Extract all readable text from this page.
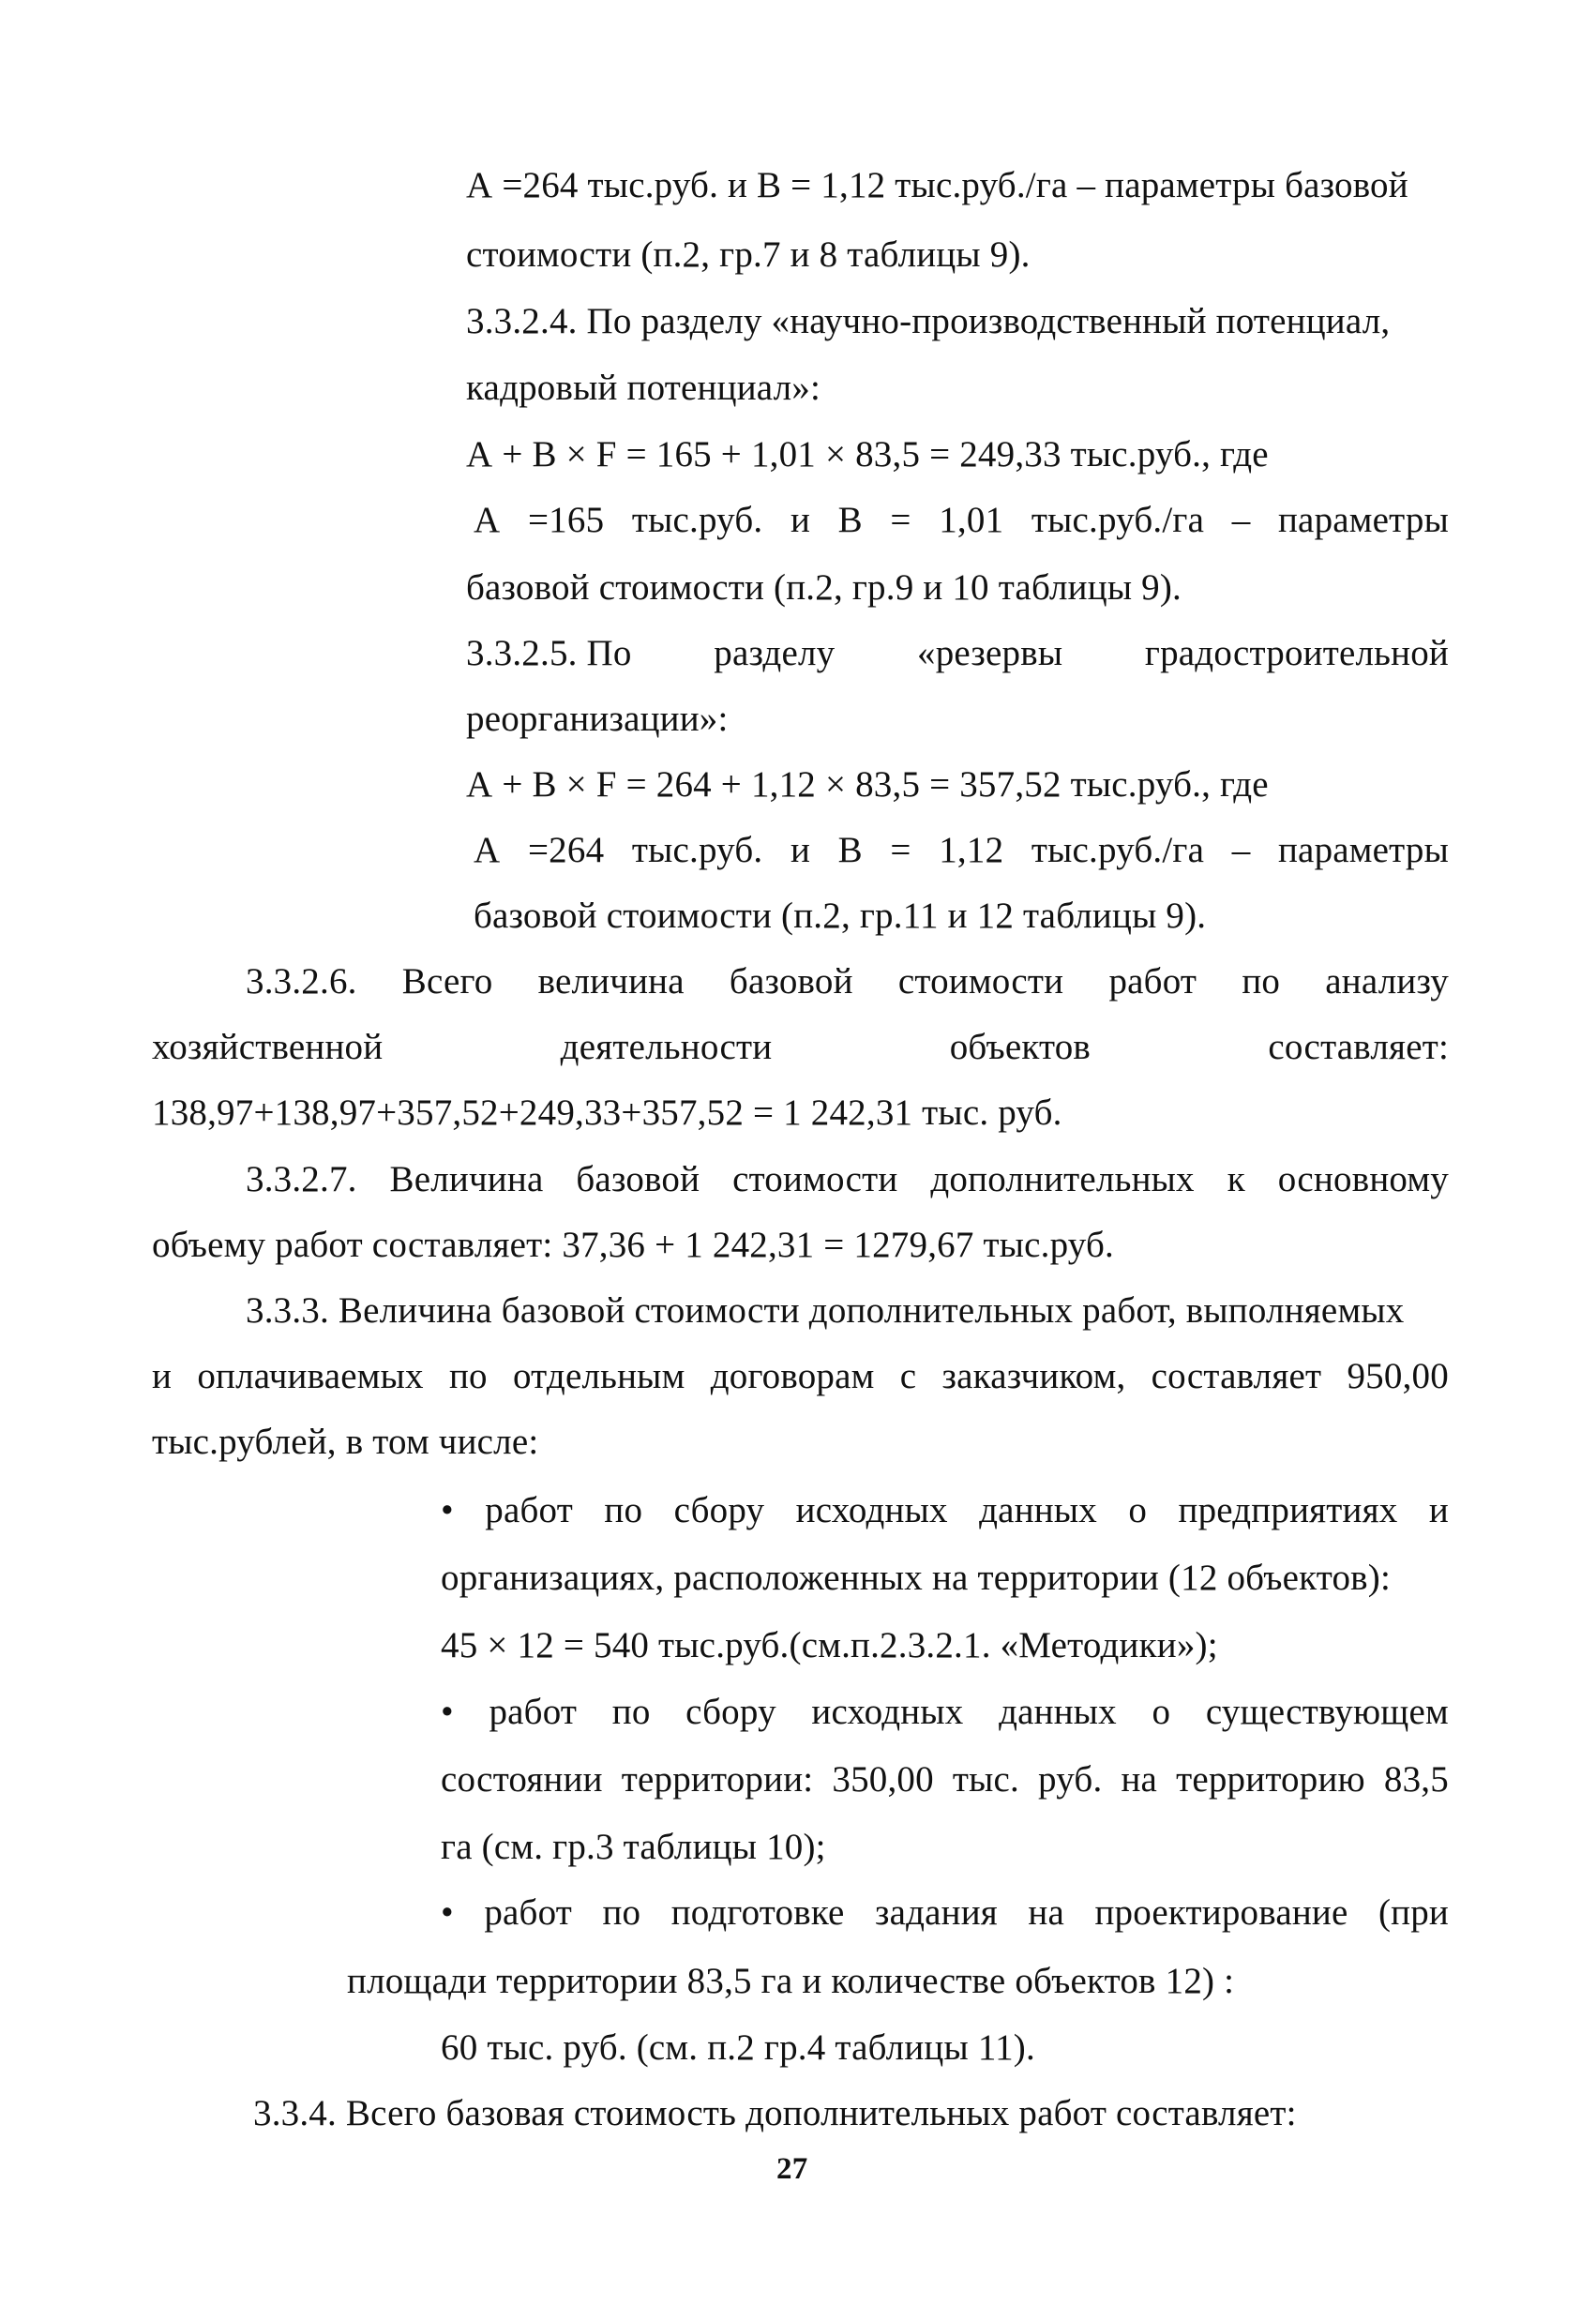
А =264 тыс.руб. и В = 1,12 тыс.руб./га – параметры базовой

стоимости (п.2, гр.7 и 8 таблицы 9).

3.3.2.4. По разделу «научно-производственный потенциал,

кадровый потенциал»:

А + В × F = 165 + 1,01 × 83,5 = 249,33 тыс.руб., где

А =165 тыс.руб. и В = 1,01 тыс.руб./га – параметры

базовой стоимости (п.2, гр.9 и 10 таблицы 9).

3.3.2.5. По разделу «резервы градостроительной

реорганизации»:

А + В × F = 264 + 1,12 × 83,5 = 357,52 тыс.руб., где

А =264 тыс.руб. и В = 1,12 тыс.руб./га – параметры

базовой стоимости (п.2, гр.11 и 12 таблицы 9).

3.3.2.6. Всего величина базовой стоимости работ по анализу

хозяйственной	деятельности	объектов	составляет:

138,97+138,97+357,52+249,33+357,52 = 1 242,31 тыс. руб.

3.3.2.7. Величина базовой стоимости дополнительных к основному

объему работ составляет: 37,36 + 1 242,31 = 1279,67 тыс.руб.

3.3.3. Величина базовой стоимости дополнительных работ, выполняемых

и оплачиваемых по отдельным договорам с заказчиком, составляет 950,00

тыс.рублей, в том числе:

• работ по сбору исходных данных о предприятиях и

организациях, расположенных на территории (12 объектов):

45 × 12 = 540 тыс.руб.(см.п.2.3.2.1. «Методики»);

• работ по сбору исходных данных о существующем

состоянии территории: 350,00 тыс. руб. на территорию 83,5

га (см. гр.3 таблицы 10);

• работ по подготовке задания на проектирование (при

площади территории 83,5 га и количестве объектов 12) :

60 тыс. руб. (см. п.2 гр.4 таблицы 11).

3.3.4. Всего базовая стоимость дополнительных работ составляет:

27
